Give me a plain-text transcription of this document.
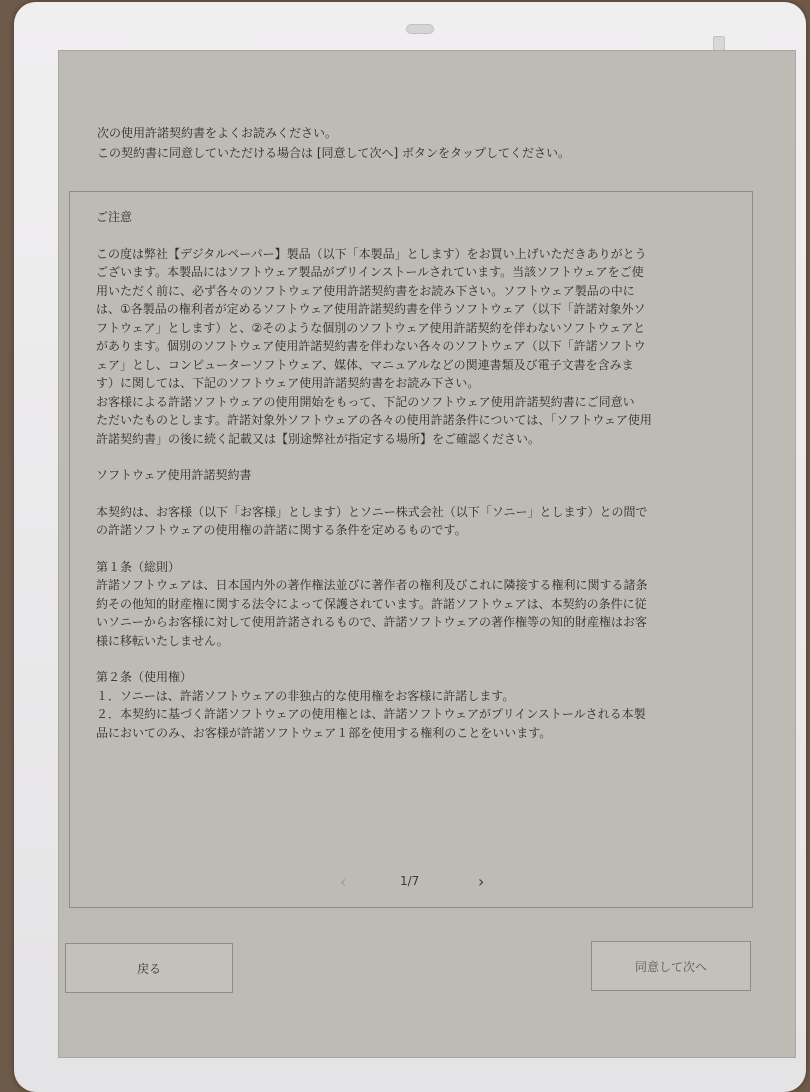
次の使用許諾契約書をよくお読みください。
この契約書に同意していただける場合は [同意して次へ] ボタンをタップしてください。
ご注意

この度は弊社【デジタルペーパー】製品（以下「本製品」とします）をお買い上げいただきありがとう
ございます。本製品にはソフトウェア製品がプリインストールされています。当該ソフトウェアをご使
用いただく前に、必ず各々のソフトウェア使用許諾契約書をお読み下さい。ソフトウェア製品の中に
は、①各製品の権利者が定めるソフトウェア使用許諾契約書を伴うソフトウェア（以下「許諾対象外ソ
フトウェア」とします）と、②そのような個別のソフトウェア使用許諾契約を伴わないソフトウェアと
があります。個別のソフトウェア使用許諾契約書を伴わない各々のソフトウェア（以下「許諾ソフトウ
ェア」とし、コンピューターソフトウェア、媒体、マニュアルなどの関連書類及び電子文書を含みま
す）に関しては、下記のソフトウェア使用許諾契約書をお読み下さい。
お客様による許諾ソフトウェアの使用開始をもって、下記のソフトウェア使用許諾契約書にご同意い
ただいたものとします。許諾対象外ソフトウェアの各々の使用許諾条件については、「ソフトウェア使用
許諾契約書」の後に続く記載又は【別途弊社が指定する場所】をご確認ください。

ソフトウェア使用許諾契約書

本契約は、お客様（以下「お客様」とします）とソニー株式会社（以下「ソニー」とします）との間で
の許諾ソフトウェアの使用権の許諾に関する条件を定めるものです。

第１条（総則）

許諾ソフトウェアは、日本国内外の著作権法並びに著作者の権利及びこれに隣接する権利に関する諸条
約その他知的財産権に関する法令によって保護されています。許諾ソフトウェアは、本契約の条件に従
いソニーからお客様に対して使用許諾されるもので、許諾ソフトウェアの著作権等の知的財産権はお客
様に移転いたしません。

第２条（使用権）

１．ソニーは、許諾ソフトウェアの非独占的な使用権をお客様に許諾します。
２．本契約に基づく許諾ソフトウェアの使用権とは、許諾ソフトウェアがプリインストールされる本製
品においてのみ、お客様が許諾ソフトウェア１部を使用する権利のことをいいます。

‹	1/7	›
戻る	同意して次へ
